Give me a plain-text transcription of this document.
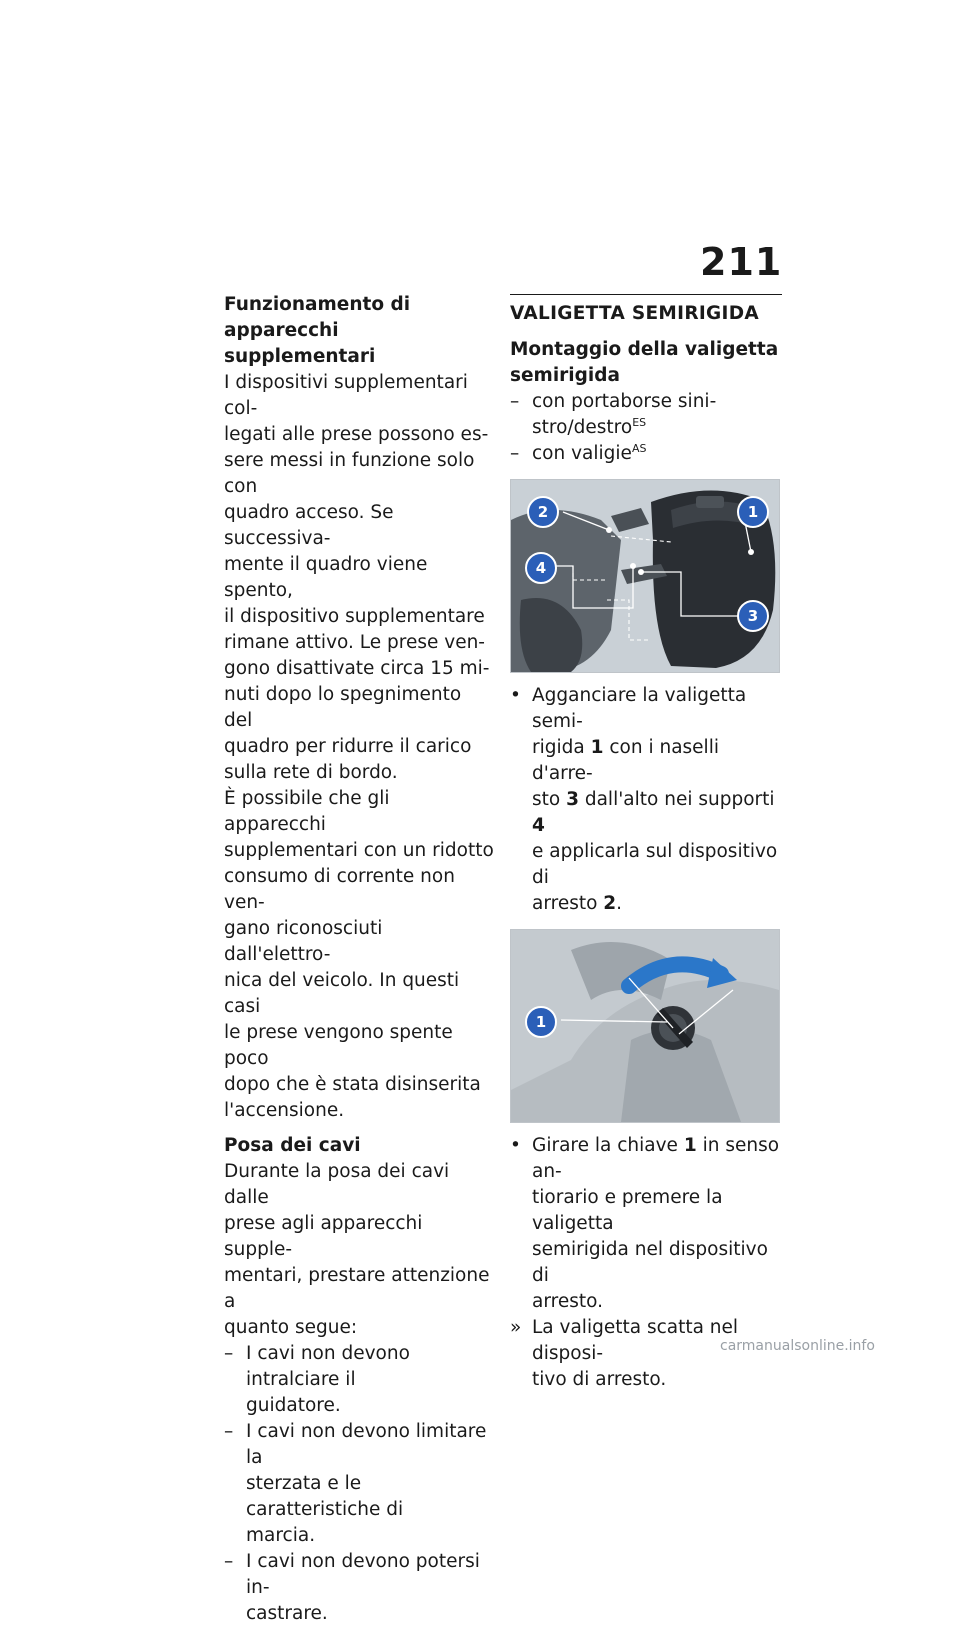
211

Funzionamento di apparecchi
supplementari

I dispositivi supplementari col-
legati alle prese possono es-
sere messi in funzione solo con
quadro acceso. Se successiva-
mente il quadro viene spento,
il dispositivo supplementare
rimane attivo. Le prese ven-
gono disattivate circa 15 mi-
nuti dopo lo spegnimento del
quadro per ridurre il carico
sulla rete di bordo.

È possibile che gli apparecchi
supplementari con un ridotto
consumo di corrente non ven-
gano riconosciuti dall'elettro-
nica del veicolo. In questi casi
le prese vengono spente poco
dopo che è stata disinserita
l'accensione.

Posa dei cavi

Durante la posa dei cavi dalle
prese agli apparecchi supple-
mentari, prestare attenzione a
quanto segue:

– I cavi non devono intralciare il
guidatore.
– I cavi non devono limitare la
sterzata e le caratteristiche di
marcia.
– I cavi non devono potersi in-
castrare.

VALIGETTA SEMIRIGIDA

Montaggio della valigetta
semirigida

– con portaborse sini-
stro/destro$^{ES}$
– con valigie$^{AS}$
1
2
3
4
• Agganciare la valigetta semi-
rigida 1 con i naselli d'arre-
sto 3 dall'alto nei supporti 4
e applicarla sul dispositivo di
arresto 2.
1
• Girare la chiave 1 in senso an-
tiorario e premere la valigetta
semirigida nel dispositivo di
arresto.
» La valigetta scatta nel disposi-
tivo di arresto.
carmanualsonline.info
